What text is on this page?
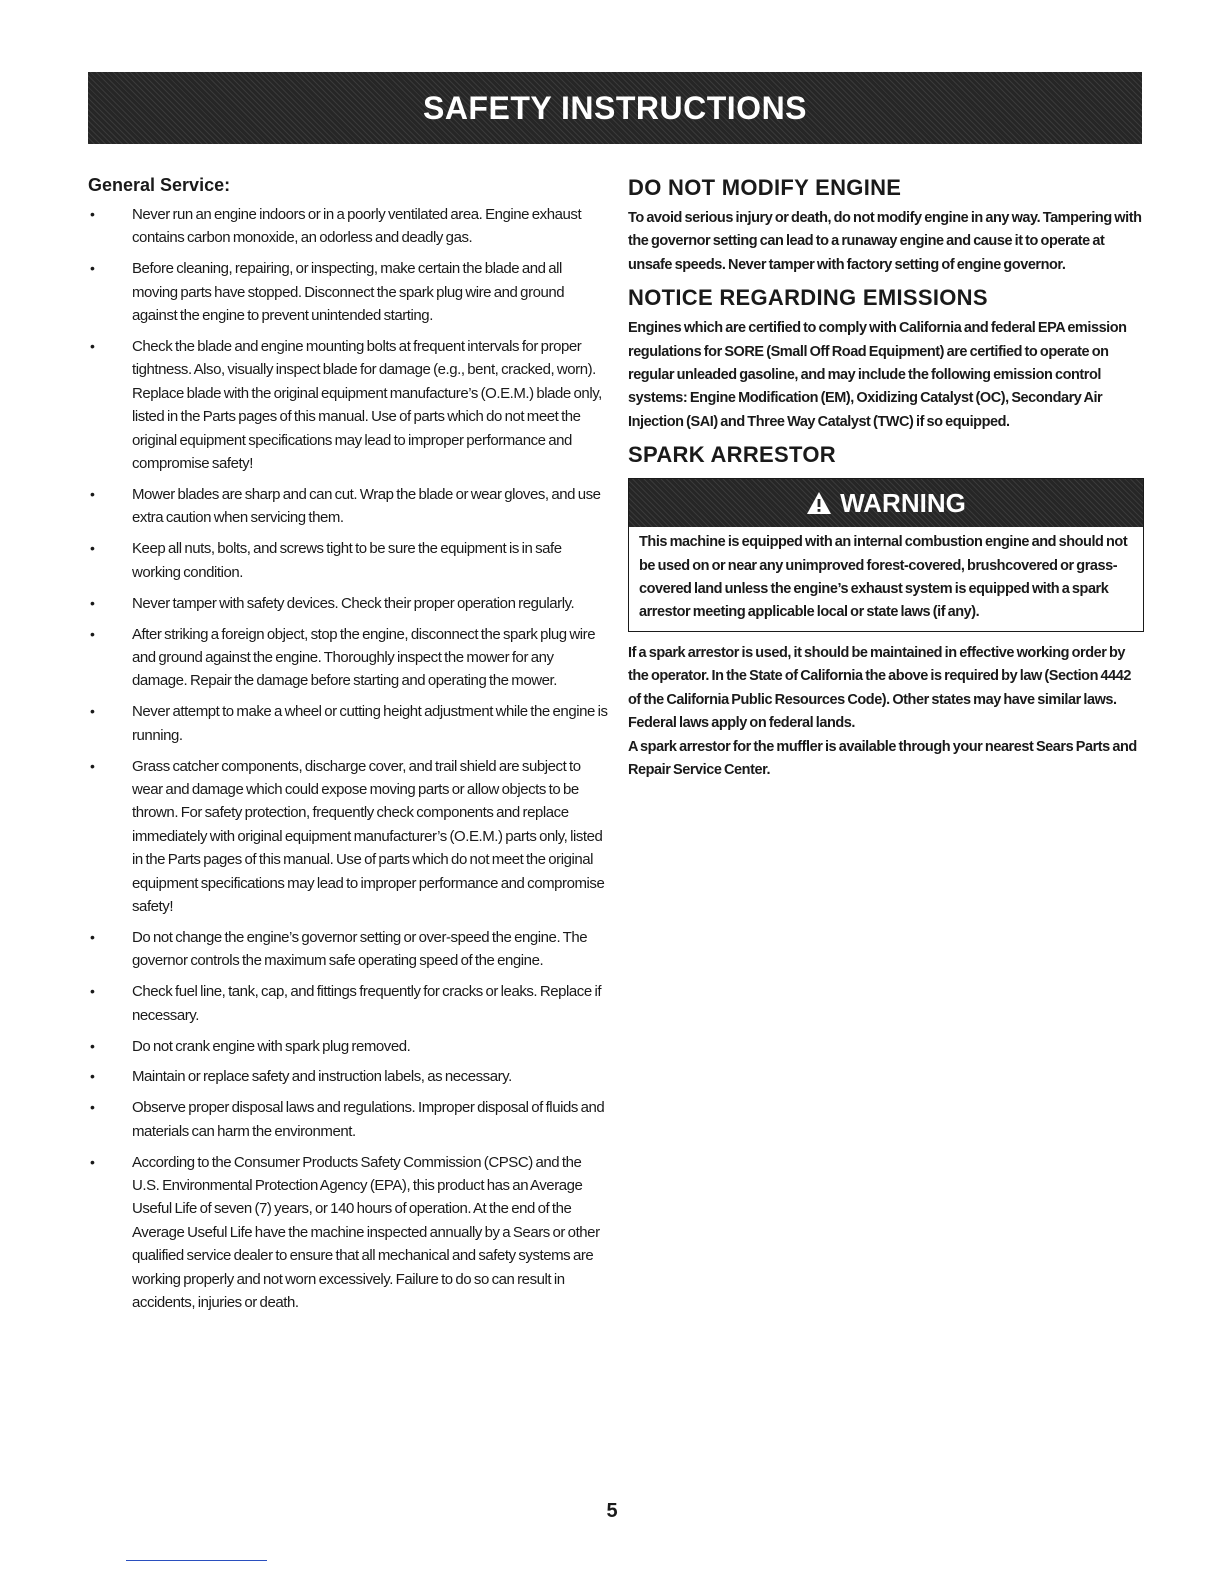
SAFETY INSTRUCTIONS
General Service:
•	Never run an engine indoors or in a poorly ventilated area. Engine exhaust contains carbon monoxide, an odorless and deadly gas.
•	Before cleaning, repairing, or inspecting, make certain the blade and all moving parts have stopped. Disconnect the spark plug wire and ground against the engine to prevent unintended starting.
•	Check the blade and engine mounting bolts at frequent intervals for proper tightness. Also, visually inspect blade for damage (e.g., bent, cracked, worn). Replace blade with the original equipment manufacture’s (O.E.M.) blade only, listed in the Parts pages of this manual. Use of parts which do not meet the original equipment specifications may lead to improper performance and compromise safety!
•	Mower blades are sharp and can cut. Wrap the blade or wear gloves, and use extra caution when servicing them.
•	Keep all nuts, bolts, and screws tight to be sure the equipment is in safe working condition.
•	Never tamper with safety devices. Check their proper operation regularly.
•	After striking a foreign object, stop the engine, disconnect the spark plug wire and ground against the engine. Thoroughly inspect the mower for any damage. Repair the damage before starting and operating the mower.
•	Never attempt to make a wheel or cutting height adjustment while the engine is running.
•	Grass catcher components, discharge cover, and trail shield are subject to wear and damage which could expose moving parts or allow objects to be thrown. For safety protection, frequently check components and replace immediately with original equipment manufacturer’s (O.E.M.) parts only, listed in the Parts pages of this manual. Use of parts which do not meet the original equipment specifications may lead to improper performance and compromise safety!
•	Do not change the engine’s governor setting or over-speed the engine. The governor controls the maximum safe operating speed of the engine.
•	Check fuel line, tank, cap, and fittings frequently for cracks or leaks. Replace if necessary.
•	Do not crank engine with spark plug removed.
•	Maintain or replace safety and instruction labels, as necessary.
•	Observe proper disposal laws and regulations. Improper disposal of fluids and materials can harm the environment.
•	According to the Consumer Products Safety Commission (CPSC) and the U.S. Environmental Protection Agency (EPA), this product has an Average Useful Life of seven (7) years, or 140 hours of operation. At the end of the Average Useful Life have the machine inspected annually by a Sears or other qualified service dealer to ensure that all mechanical and safety systems are working properly and not worn excessively. Failure to do so can result in accidents, injuries or death.
DO NOT MODIFY ENGINE

To avoid serious injury or death, do not modify engine in any way. Tampering with the governor setting can lead to a runaway engine and cause it to operate at unsafe speeds. Never tamper with factory setting of engine governor.

NOTICE REGARDING EMISSIONS

Engines which are certified to comply with California and federal EPA emission regulations for SORE (Small Off Road Equipment) are certified to operate on regular unleaded gasoline, and may include the following emission control systems: Engine Modification (EM), Oxidizing Catalyst (OC), Secondary Air Injection (SAI) and Three Way Catalyst (TWC) if so equipped.

SPARK ARRESTOR
WARNING
This machine is equipped with an internal combustion engine and should not be used on or near any unimproved forest-covered, brushcovered or grass-covered land unless the engine’s exhaust system is equipped with a spark arrestor meeting applicable local or state laws (if any).

If a spark arrestor is used, it should be maintained in effective working order by the operator. In the State of California the above is required by law (Section 4442 of the California Public Resources Code). Other states may have similar laws. Federal laws apply on federal lands.

A spark arrestor for the muffler is available through your nearest Sears Parts and Repair Service Center.

5
